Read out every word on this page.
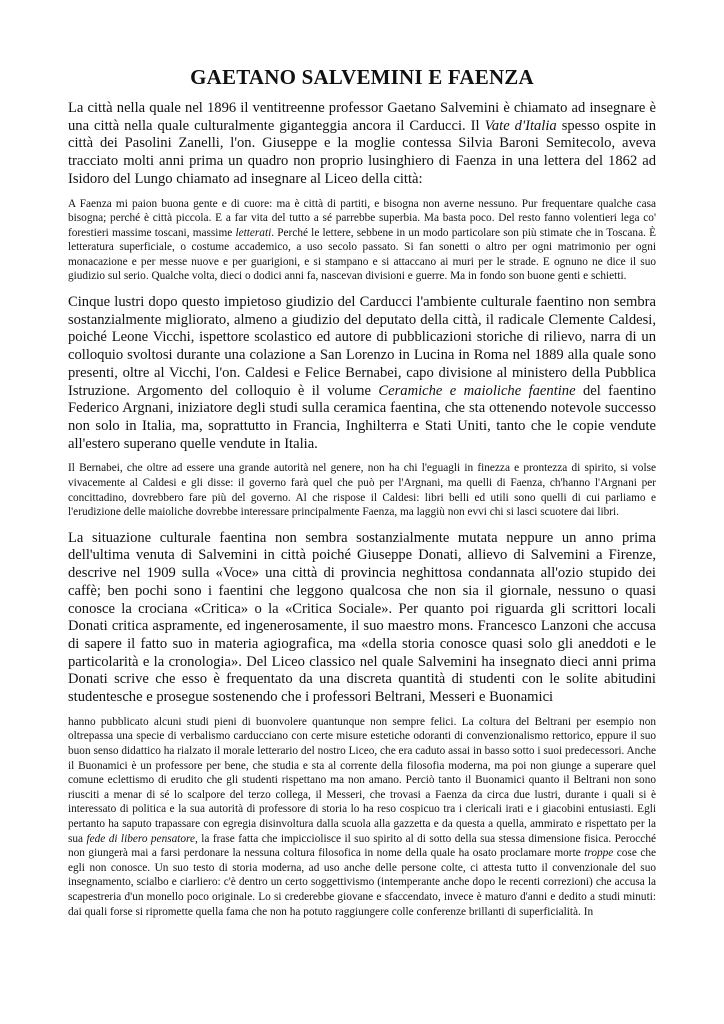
GAETANO SALVEMINI E FAENZA

La città nella quale nel 1896 il ventitreenne professor Gaetano Salvemini è chiamato ad insegnare è una città nella quale culturalmente giganteggia ancora il Carducci. Il Vate d'Italia spesso ospite in città dei Pasolini Zanelli, l'on. Giuseppe e la moglie contessa Silvia Baroni Semitecolo, aveva tracciato molti anni prima un quadro non proprio lusinghiero di Faenza in una lettera del 1862 ad Isidoro del Lungo chiamato ad insegnare al Liceo della città:

A Faenza mi paion buona gente e di cuore: ma è città di partiti, e bisogna non averne nessuno. Pur frequentare qualche casa bisogna; perché è città piccola. E a far vita del tutto a sé parrebbe superbia. Ma basta poco. Del resto fanno volentieri lega co' forestieri massime toscani, massime letterati. Perché le lettere, sebbene in un modo particolare son più stimate che in Toscana. È letteratura superficiale, o costume accademico, a uso secolo passato. Si fan sonetti o altro per ogni matrimonio per ogni monacazione e per messe nuove e per guarigioni, e si stampano e si attaccano ai muri per le strade. E ognuno ne dice il suo giudizio sul serio. Qualche volta, dieci o dodici anni fa, nascevan divisioni e guerre. Ma in fondo son buone genti e schietti.

Cinque lustri dopo questo impietoso giudizio del Carducci l'ambiente culturale faentino non sembra sostanzialmente migliorato, almeno a giudizio del deputato della città, il radicale Clemente Caldesi, poiché Leone Vicchi, ispettore scolastico ed autore di pubblicazioni storiche di rilievo, narra di un colloquio svoltosi durante una colazione a San Lorenzo in Lucina in Roma nel 1889 alla quale sono presenti, oltre al Vicchi, l'on. Caldesi e Felice Bernabei, capo divisione al ministero della Pubblica Istruzione. Argomento del colloquio è il volume Ceramiche e maioliche faentine del faentino Federico Argnani, iniziatore degli studi sulla ceramica faentina, che sta ottenendo notevole successo non solo in Italia, ma, soprattutto in Francia, Inghilterra e Stati Uniti, tanto che le copie vendute all'estero superano quelle vendute in Italia.

Il Bernabei, che oltre ad essere una grande autorità nel genere, non ha chi l'eguagli in finezza e prontezza di spirito, si volse vivacemente al Caldesi e gli disse: il governo farà quel che può per l'Argnani, ma quelli di Faenza, ch'hanno l'Argnani per concittadino, dovrebbero fare più del governo. Al che rispose il Caldesi: libri belli ed utili sono quelli di cui parliamo e l'erudizione delle maioliche dovrebbe interessare principalmente Faenza, ma laggiù non evvi chi si lasci scuotere dai libri.

La situazione culturale faentina non sembra sostanzialmente mutata neppure un anno prima dell'ultima venuta di Salvemini in città poiché Giuseppe Donati, allievo di Salvemini a Firenze, descrive nel 1909 sulla «Voce» una città di provincia neghittosa condannata all'ozio stupido dei caffè; ben pochi sono i faentini che leggono qualcosa che non sia il giornale, nessuno o quasi conosce la crociana «Critica» o la «Critica Sociale». Per quanto poi riguarda gli scrittori locali Donati critica aspramente, ed ingenerosamente, il suo maestro mons. Francesco Lanzoni che accusa di sapere il fatto suo in materia agiografica, ma «della storia conosce quasi solo gli aneddoti e le particolarità e la cronologia». Del Liceo classico nel quale Salvemini ha insegnato dieci anni prima Donati scrive che esso è frequentato da una discreta quantità di studenti con le solite abitudini studentesche e prosegue sostenendo che i professori Beltrani, Messeri e Buonamici

hanno pubblicato alcuni studi pieni di buonvolere quantunque non sempre felici. La coltura del Beltrani per esempio non oltrepassa una specie di verbalismo carducciano con certe misure estetiche odoranti di convenzionalismo rettorico, eppure il suo buon senso didattico ha rialzato il morale letterario del nostro Liceo, che era caduto assai in basso sotto i suoi predecessori. Anche il Buonamici è un professore per bene, che studia e sta al corrente della filosofia moderna, ma poi non giunge a superare quel comune eclettismo di erudito che gli studenti rispettano ma non amano. Perciò tanto il Buonamici quanto il Beltrani non sono riusciti a menar di sé lo scalpore del terzo collega, il Messeri, che trovasi a Faenza da circa due lustri, durante i quali si è interessato di politica e la sua autorità di professore di storia lo ha reso cospicuo tra i clericali irati e i giacobini entusiasti. Egli pertanto ha saputo trapassare con egregia disinvoltura dalla scuola alla gazzetta e da questa a quella, ammirato e rispettato per la sua fede di libero pensatore, la frase fatta che impicciolisce il suo spirito al di sotto della sua stessa dimensione fisica. Perocché non giungerà mai a farsi perdonare la nessuna coltura filosofica in nome della quale ha osato proclamare morte troppe cose che egli non conosce. Un suo testo di storia moderna, ad uso anche delle persone colte, ci attesta tutto il convenzionale del suo insegnamento, scialbo e ciarliero: c'è dentro un certo soggettivismo (intemperante anche dopo le recenti correzioni) che accusa la scapestreria d'un monello poco originale. Lo si crederebbe giovane e sfaccendato, invece è maturo d'anni e dedito a studi minuti: dai quali forse si ripromette quella fama che non ha potuto raggiungere colle conferenze brillanti di superficialità. In
